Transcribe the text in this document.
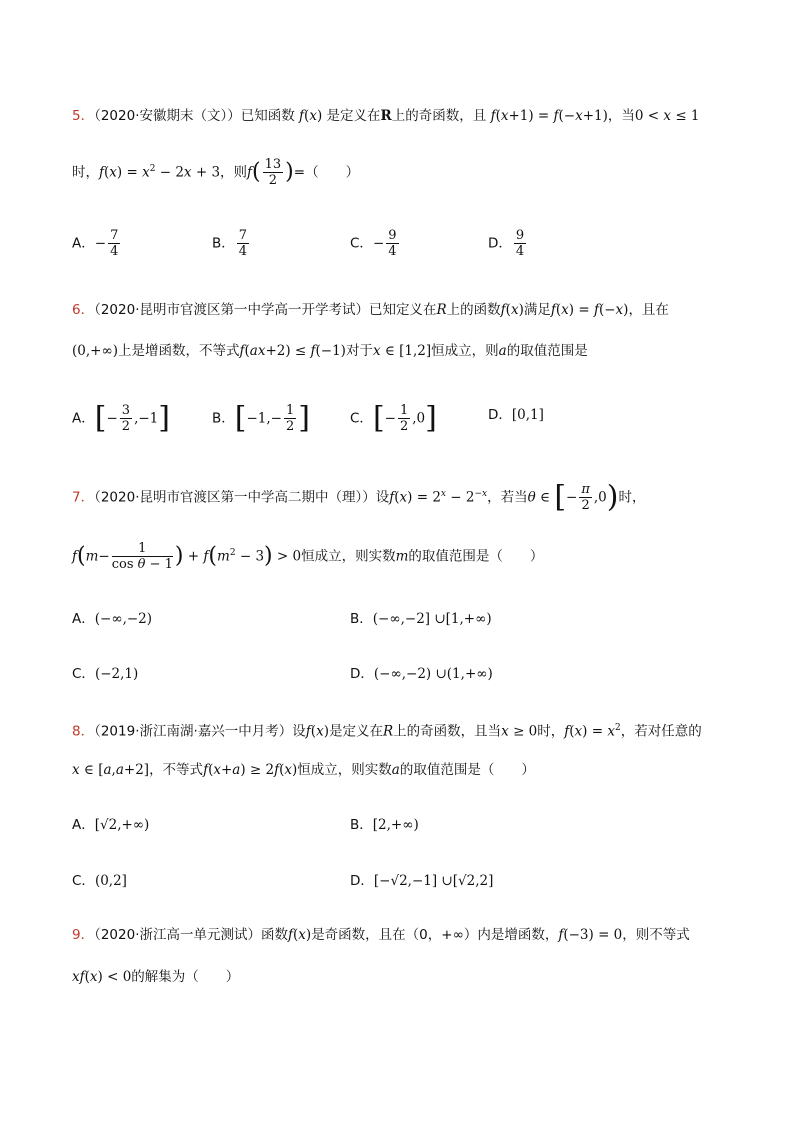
5．（2020·安徽期末（文））已知函数 f(x) 是定义在R上的奇函数，且 f(x+1) = f(−x+1)，当0 < x ≤ 1
时，$f(x) = x^2 - 2x + 3$，则$f( \frac{13}{2}$ )=（　　）
A．− $\frac{7}{4}$	B． $\frac{7}{4}$	C．− $\frac{9}{4}$	D． $\frac{9}{4}$
6．（2020·昆明市官渡区第一中学高一开学考试）已知定义在R上的函数f(x)满足f(x) = f(−x)，且在
(0,+∞)上是增函数，不等式f(ax+2) ≤ f(−1)对于x ∈ [1,2]恒成立，则a的取值范围是
A．[− $\frac{3}{2} ,-1$]	B．[$-1,- \frac{1}{2}$ ]	C．[− $\frac{1}{2} ,0$]	D．[0,1]
7．（2020·昆明市官渡区第一中学高二期中（理））设$f(x) = 2^x - 2^{-x}$，若当θ ∈ [− $\frac{\pi}{2} ,0$)时，
$f(m- \frac{1}{\text{cos θ − 1}}$ ) + $f(m^2 - 3) > 0$恒成立，则实数m的取值范围是（　　）
A．(−∞,−2)	B．(−∞,−2] ∪[1,+∞)
C．(−2,1)	D．(−∞,−2) ∪(1,+∞)
8．（2019·浙江南湖·嘉兴一中月考）设f(x)是定义在R上的奇函数，且当x ≥ 0时，$f(x) = x^2$，若对任意的
x ∈ [a,a+2]，不等式f(x+a) ≥ 2f(x)恒成立，则实数a的取值范围是（　　）
A．[√2,+∞)	B．[2,+∞)
C．(0,2]	D．[−√2,−1] ∪[√2,2]
9．（2020·浙江高一单元测试）函数f(x)是奇函数，且在（0，+∞）内是增函数，f(−3) = 0，则不等式
xf(x) < 0的解集为（　　）
